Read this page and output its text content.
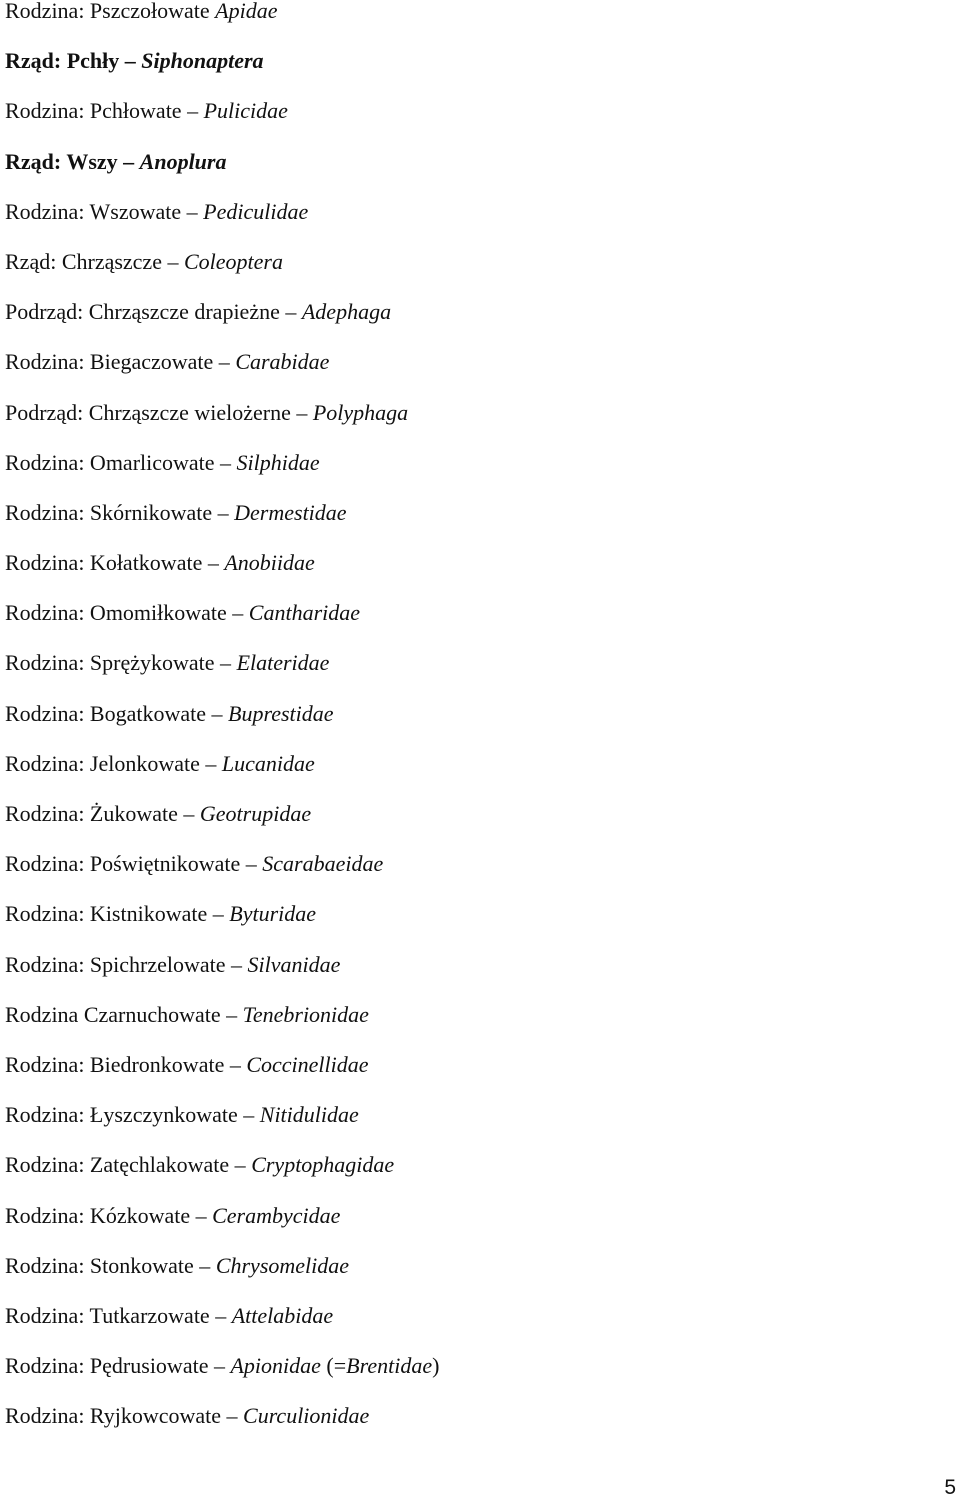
Rodzina: Pszczołowate Apidae
Rząd: Pchły – Siphonaptera
Rodzina: Pchłowate – Pulicidae
Rząd: Wszy – Anoplura
Rodzina: Wszowate – Pediculidae
Rząd: Chrząszcze – Coleoptera
Podrząd: Chrząszcze drapieżne – Adephaga
Rodzina: Biegaczowate – Carabidae
Podrząd: Chrząszcze wielożerne – Polyphaga
Rodzina: Omarlicowate – Silphidae
Rodzina: Skórnikowate – Dermestidae
Rodzina: Kołatkowate – Anobiidae
Rodzina: Omomiłkowate – Cantharidae
Rodzina: Sprężykowate – Elateridae
Rodzina: Bogatkowate – Buprestidae
Rodzina: Jelonkowate – Lucanidae
Rodzina: Żukowate – Geotrupidae
Rodzina: Poświętnikowate – Scarabaeidae
Rodzina: Kistnikowate – Byturidae
Rodzina: Spichrzelowate – Silvanidae
Rodzina Czarnuchowate – Tenebrionidae
Rodzina: Biedronkowate – Coccinellidae
Rodzina: Łyszczynkowate – Nitidulidae
Rodzina: Zatęchlakowate – Cryptophagidae
Rodzina: Kózkowate – Cerambycidae
Rodzina: Stonkowate – Chrysomelidae
Rodzina: Tutkarzowate – Attelabidae
Rodzina: Pędrusiowate – Apionidae (=Brentidae)
Rodzina: Ryjkowcowate – Curculionidae
5
